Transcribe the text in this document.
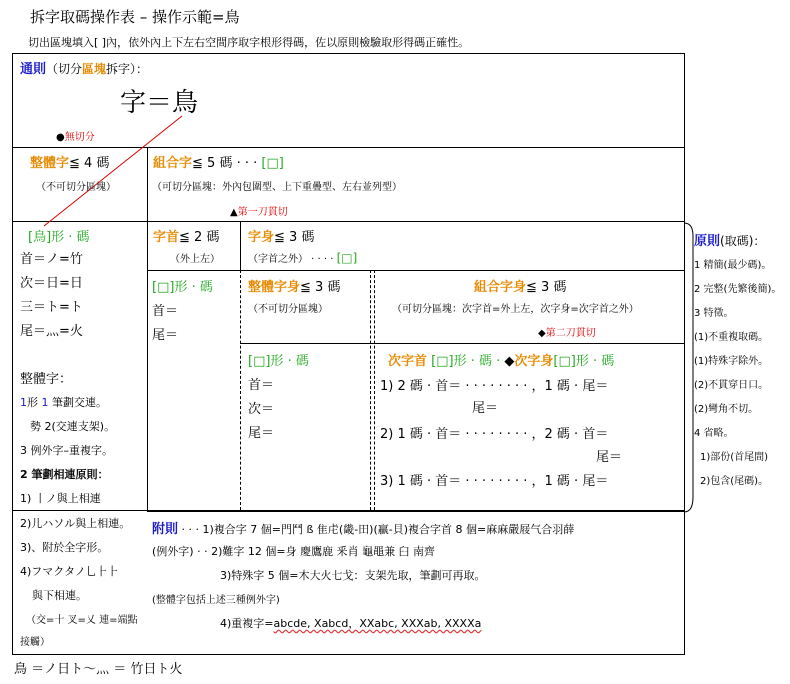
拆字取碼操作表 – 操作示範=鳥
切出區塊填入[ ]內，依外內上下左右空間序取字根形得碼，佐以原則檢驗取形得碼正確性。
通則（切分區塊拆字）：
字＝鳥
●無切分
整體字≦ 4 碼
（不可切分區塊）
組合字≦ 5 碼 · · · [□]
（可切分區塊：外內包圍型、上下重疊型、左右並列型）
▲第一刀貫切
[鳥]形 · 碼
首＝ノ=竹
次＝日=日
三＝ト=ト
尾＝灬=火
整體字：
1形 1 筆劃交連。
勢 2(交連支架)。
3 例外字–重複字。
2 筆劃相連原則：
1) 丨ノ與上相連
2)儿ハソル與上相連。
3)、附於全字形。
4)フマクタノ乚⺊⺊
與下相連。
（交=十 叉=乂 連=端點
接觸）
字首≦ 2 碼
（外上左）
字身≦ 3 碼
（字首之外） · · · · [□]
[□]形 · 碼
首＝
尾＝
整體字身≦ 3 碼
（不可切分區塊）
[□]形 · 碼
首＝
次＝
尾＝
組合字身≦ 3 碼
（可切分區塊：次字首=外上左，次字身=次字首之外）
◆第二刀貫切
次字首 [□]形 · 碼 · ◆次字身[□]形 · 碼
1) 2 碼 · 首＝ · · · · · · · · ，1 碼 · 尾＝
尾＝
2) 1 碼 · 首＝ · · · · · · · · ，2 碼 · 首＝
尾＝
3) 1 碼 · 首＝ · · · · · · · · ，1 碼 · 尾＝
原則(取碼)：
1 精簡(最少碼)。
2 完整(先繁後簡)。
3 特徵。
(1)不重複取碼。
(1)特殊字除外。
(2)不貫穿日口。
(2)彎角不切。
4 省略。
1)部份(首尾間)
2)包含(尾碼)。
附則 · · · 1)複合字 7 個=門鬥 ß 隹虍(畿-田)(贏-貝)複合字首 8 個=麻麻嚴屐气合羽薛
(例外字) · · 2)難字 12 個=身 慶鷹鹿 釆肖 龜黽兼 臼 南齊
3)特殊字 5 個=木大火七戈：支架先取，筆劃可再取。
(整體字包括上述三種例外字)
4)重複字=abcde, Xabcd，XXabc, XXXab, XXXXa
鳥 ＝ノ日ト～灬 ＝ 竹日ト火
